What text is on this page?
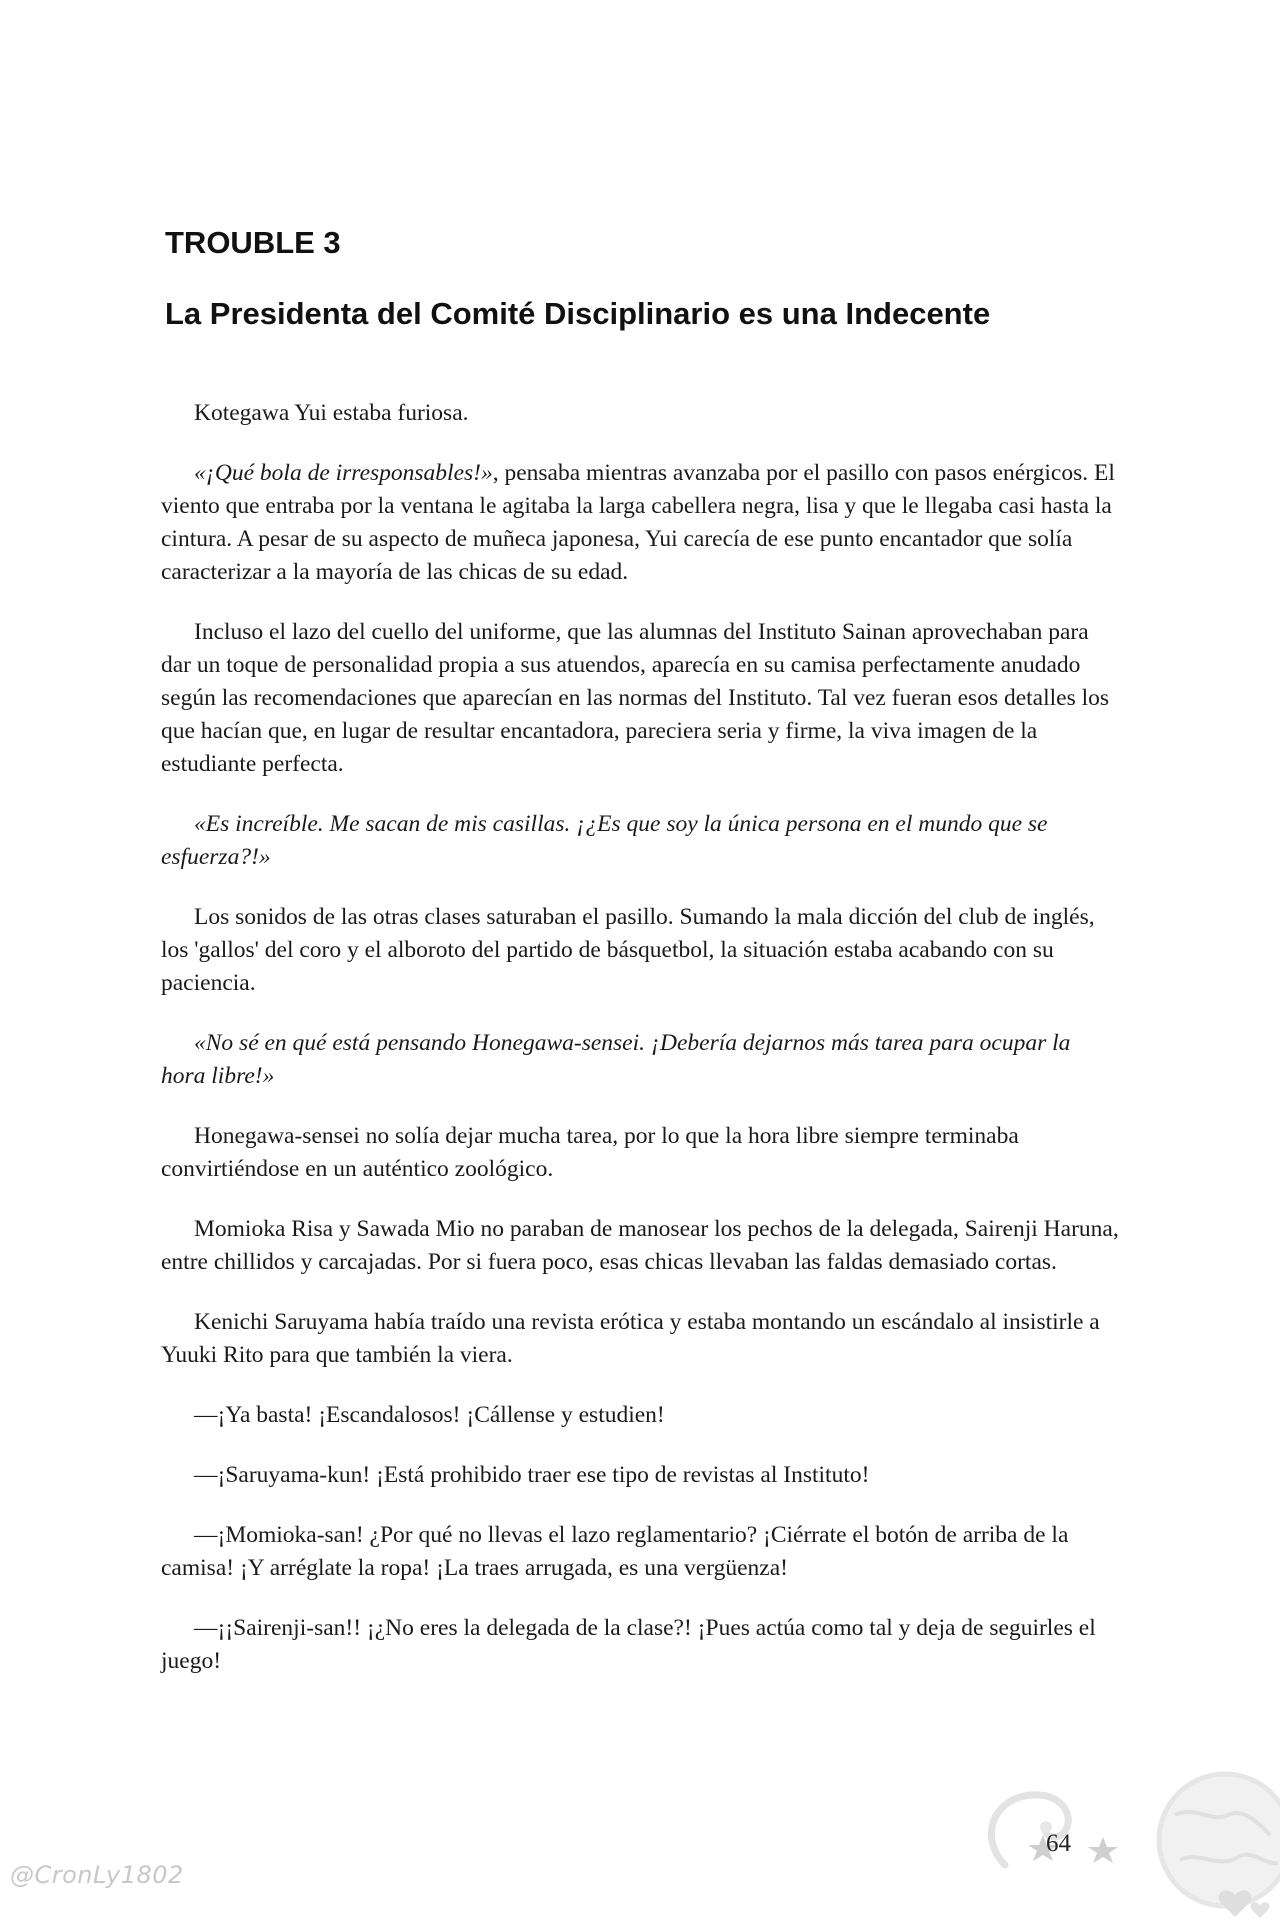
TROUBLE 3
La Presidenta del Comité Disciplinario es una Indecente

Kotegawa Yui estaba furiosa.

«¡Qué bola de irresponsables!», pensaba mientras avanzaba por el pasillo con pasos enérgicos. El viento que entraba por la ventana le agitaba la larga cabellera negra, lisa y que le llegaba casi hasta la cintura. A pesar de su aspecto de muñeca japonesa, Yui carecía de ese punto encantador que solía caracterizar a la mayoría de las chicas de su edad.

Incluso el lazo del cuello del uniforme, que las alumnas del Instituto Sainan aprovechaban para dar un toque de personalidad propia a sus atuendos, aparecía en su camisa perfectamente anudado según las recomendaciones que aparecían en las normas del Instituto. Tal vez fueran esos detalles los que hacían que, en lugar de resultar encantadora, pareciera seria y firme, la viva imagen de la estudiante perfecta.

«Es increíble. Me sacan de mis casillas. ¡¿Es que soy la única persona en el mundo que se esfuerza?!»

Los sonidos de las otras clases saturaban el pasillo. Sumando la mala dicción del club de inglés, los 'gallos' del coro y el alboroto del partido de básquetbol, la situación estaba acabando con su paciencia.

«No sé en qué está pensando Honegawa-sensei. ¡Debería dejarnos más tarea para ocupar la hora libre!»

Honegawa-sensei no solía dejar mucha tarea, por lo que la hora libre siempre terminaba convirtiéndose en un auténtico zoológico.

Momioka Risa y Sawada Mio no paraban de manosear los pechos de la delegada, Sairenji Haruna, entre chillidos y carcajadas. Por si fuera poco, esas chicas llevaban las faldas demasiado cortas.

Kenichi Saruyama había traído una revista erótica y estaba montando un escándalo al insistirle a Yuuki Rito para que también la viera.

—¡Ya basta! ¡Escandalosos! ¡Cállense y estudien!

—¡Saruyama-kun! ¡Está prohibido traer ese tipo de revistas al Instituto!

—¡Momioka-san! ¿Por qué no llevas el lazo reglamentario? ¡Ciérrate el botón de arriba de la camisa! ¡Y arréglate la ropa! ¡La traes arrugada, es una vergüenza!

—¡¡Sairenji-san!! ¡¿No eres la delegada de la clase?! ¡Pues actúa como tal y deja de seguirles el juego!

64
@CronLy1802
